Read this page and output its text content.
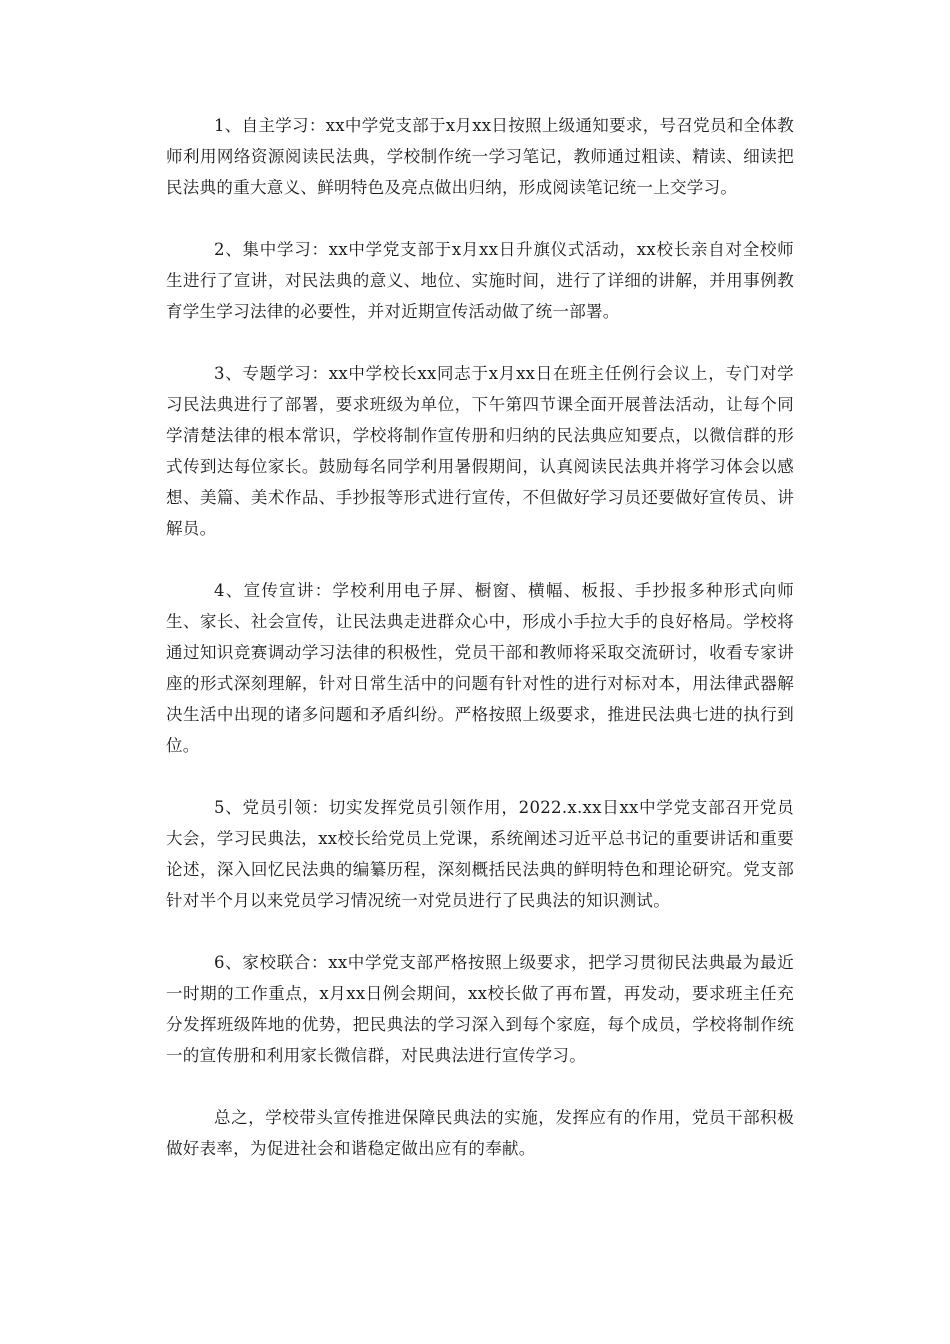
1、自主学习：xx中学党支部于x月xx日按照上级通知要求，号召党员和全体教师利用网络资源阅读民法典，学校制作统一学习笔记，教师通过粗读、精读、细读把民法典的重大意义、鲜明特色及亮点做出归纳，形成阅读笔记统一上交学习。

2、集中学习：xx中学党支部于x月xx日升旗仪式活动，xx校长亲自对全校师生进行了宣讲，对民法典的意义、地位、实施时间，进行了详细的讲解，并用事例教育学生学习法律的必要性，并对近期宣传活动做了统一部署。

3、专题学习：xx中学校长xx同志于x月xx日在班主任例行会议上，专门对学习民法典进行了部署，要求班级为单位，下午第四节课全面开展普法活动，让每个同学清楚法律的根本常识，学校将制作宣传册和归纳的民法典应知要点，以微信群的形式传到达每位家长。鼓励每名同学利用暑假期间，认真阅读民法典并将学习体会以感想、美篇、美术作品、手抄报等形式进行宣传，不但做好学习员还要做好宣传员、讲解员。

4、宣传宣讲：学校利用电子屏、橱窗、横幅、板报、手抄报多种形式向师生、家长、社会宣传，让民法典走进群众心中，形成小手拉大手的良好格局。学校将通过知识竞赛调动学习法律的积极性，党员干部和教师将采取交流研讨，收看专家讲座的形式深刻理解，针对日常生活中的问题有针对性的进行对标对本，用法律武器解决生活中出现的诸多问题和矛盾纠纷。严格按照上级要求，推进民法典七进的执行到位。

5、党员引领：切实发挥党员引领作用，2022.x.xx日xx中学党支部召开党员大会，学习民典法，xx校长给党员上党课，系统阐述习近平总书记的重要讲话和重要论述，深入回忆民法典的编纂历程，深刻概括民法典的鲜明特色和理论研究。党支部针对半个月以来党员学习情况统一对党员进行了民典法的知识测试。

6、家校联合：xx中学党支部严格按照上级要求，把学习贯彻民法典最为最近一时期的工作重点，x月xx日例会期间，xx校长做了再布置，再发动，要求班主任充分发挥班级阵地的优势，把民典法的学习深入到每个家庭，每个成员，学校将制作统一的宣传册和利用家长微信群，对民典法进行宣传学习。

总之，学校带头宣传推进保障民典法的实施，发挥应有的作用，党员干部积极做好表率，为促进社会和谐稳定做出应有的奉献。
